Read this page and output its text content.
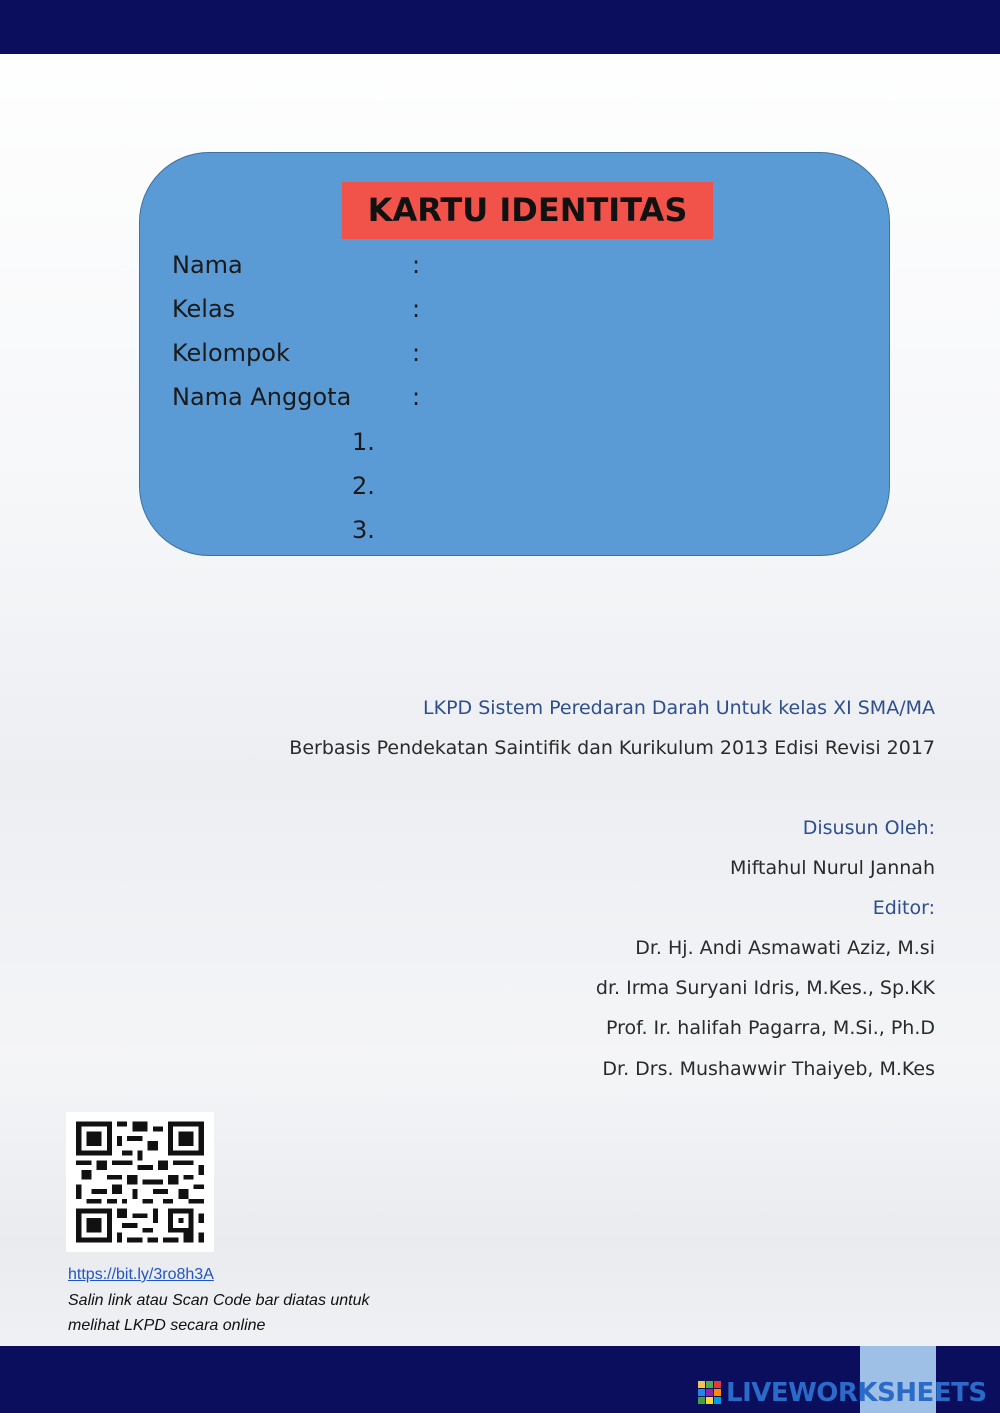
KARTU IDENTITAS
Nama	:
Kelas	:
Kelompok	:
Nama Anggota	:
1.
2.
3.
LKPD Sistem Peredaran Darah Untuk kelas XI SMA/MA
Berbasis Pendekatan Saintifik dan Kurikulum 2013 Edisi Revisi 2017
Disusun Oleh:
Miftahul Nurul Jannah
Editor:
Dr. Hj. Andi Asmawati Aziz, M.si
dr. Irma Suryani Idris, M.Kes., Sp.KK
Prof. Ir. halifah Pagarra, M.Si., Ph.D
Dr. Drs. Mushawwir Thaiyeb, M.Kes
https://bit.ly/3ro8h3A
Salin link atau Scan Code bar diatas untuk
melihat LKPD secara online
LIVEWORKSHEETS
